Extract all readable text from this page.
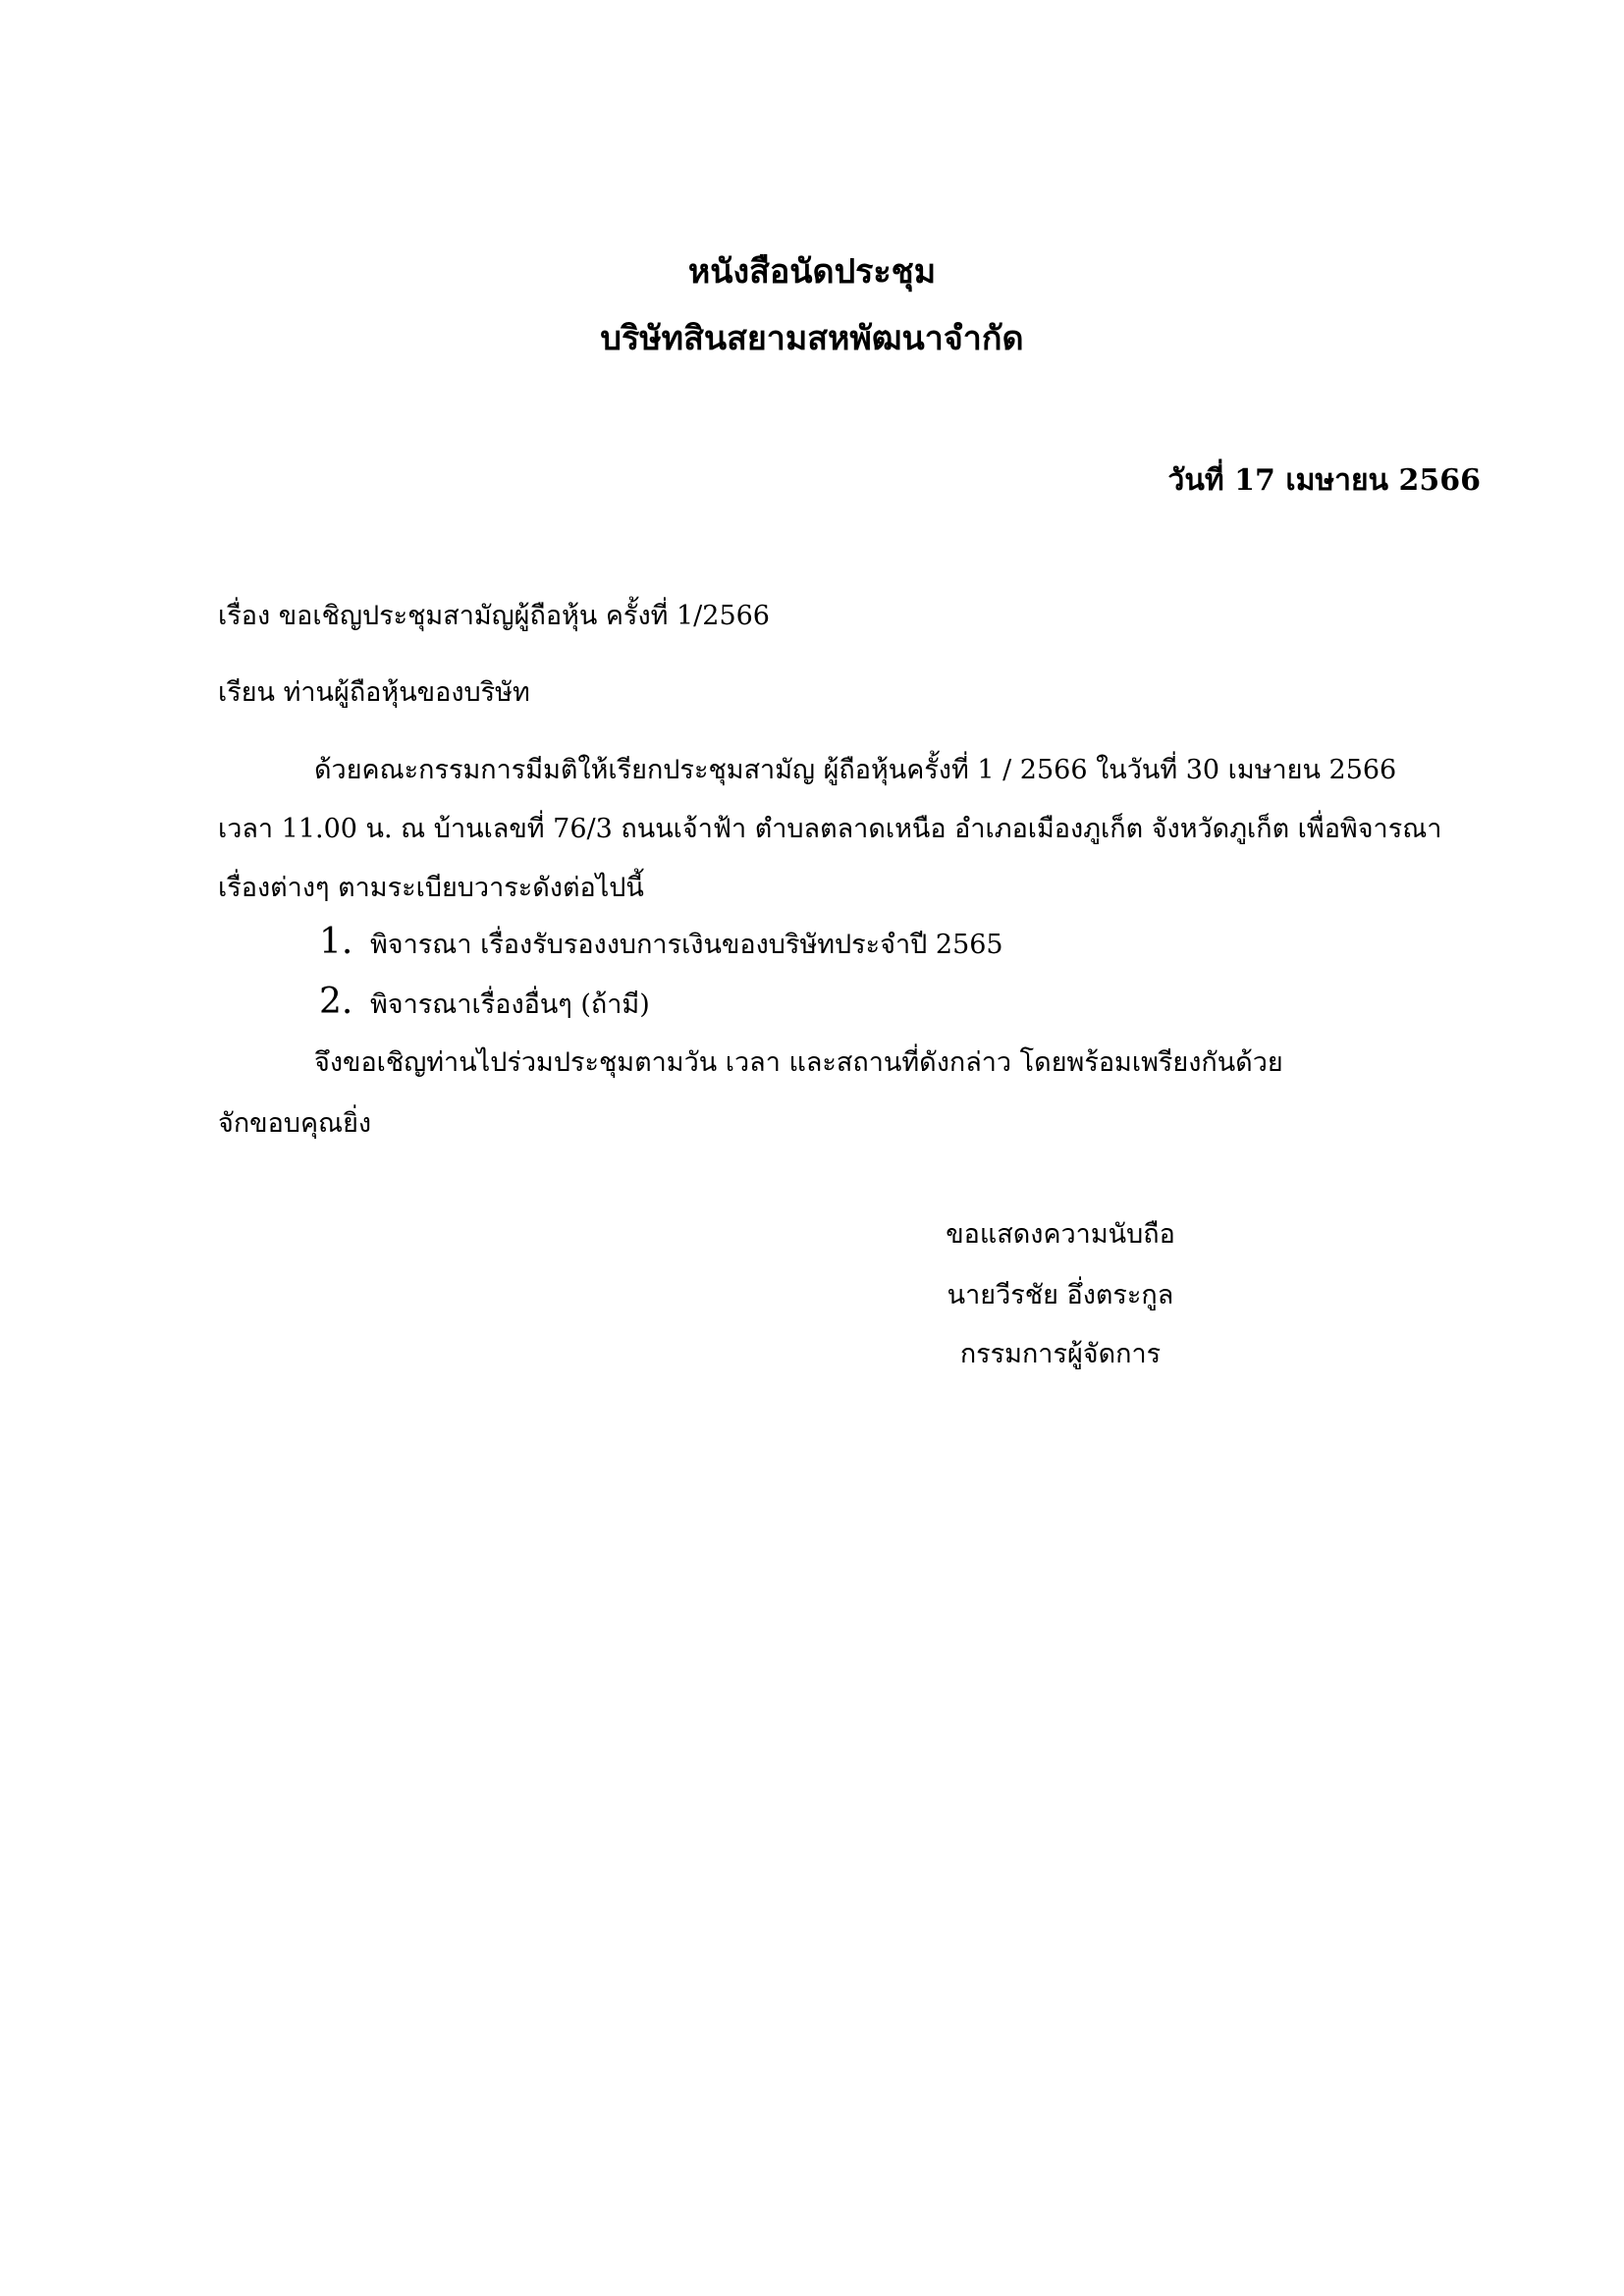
หนังสือนัดประชุม
บริษัทสินสยามสหพัฒนาจำกัด
วันที่ 17 เมษายน 2566
เรื่อง ขอเชิญประชุมสามัญผู้ถือหุ้น ครั้งที่ 1/2566
เรียน ท่านผู้ถือหุ้นของบริษัท
ด้วยคณะกรรมการมีมติให้เรียกประชุมสามัญ ผู้ถือหุ้นครั้งที่ 1 / 2566 ในวันที่ 30 เมษายน 2566
เวลา 11.00 น. ณ บ้านเลขที่ 76/3 ถนนเจ้าฟ้า ตำบลตลาดเหนือ อำเภอเมืองภูเก็ต จังหวัดภูเก็ต เพื่อพิจารณา
เรื่องต่างๆ ตามระเบียบวาระดังต่อไปนี้
1. พิจารณา เรื่องรับรองงบการเงินของบริษัทประจำปี 2565
2. พิจารณาเรื่องอื่นๆ (ถ้ามี)
จึงขอเชิญท่านไปร่วมประชุมตามวัน เวลา และสถานที่ดังกล่าว โดยพร้อมเพรียงกันด้วย
จักขอบคุณยิ่ง
ขอแสดงความนับถือ
นายวีรชัย อึ่งตระกูล
กรรมการผู้จัดการ
